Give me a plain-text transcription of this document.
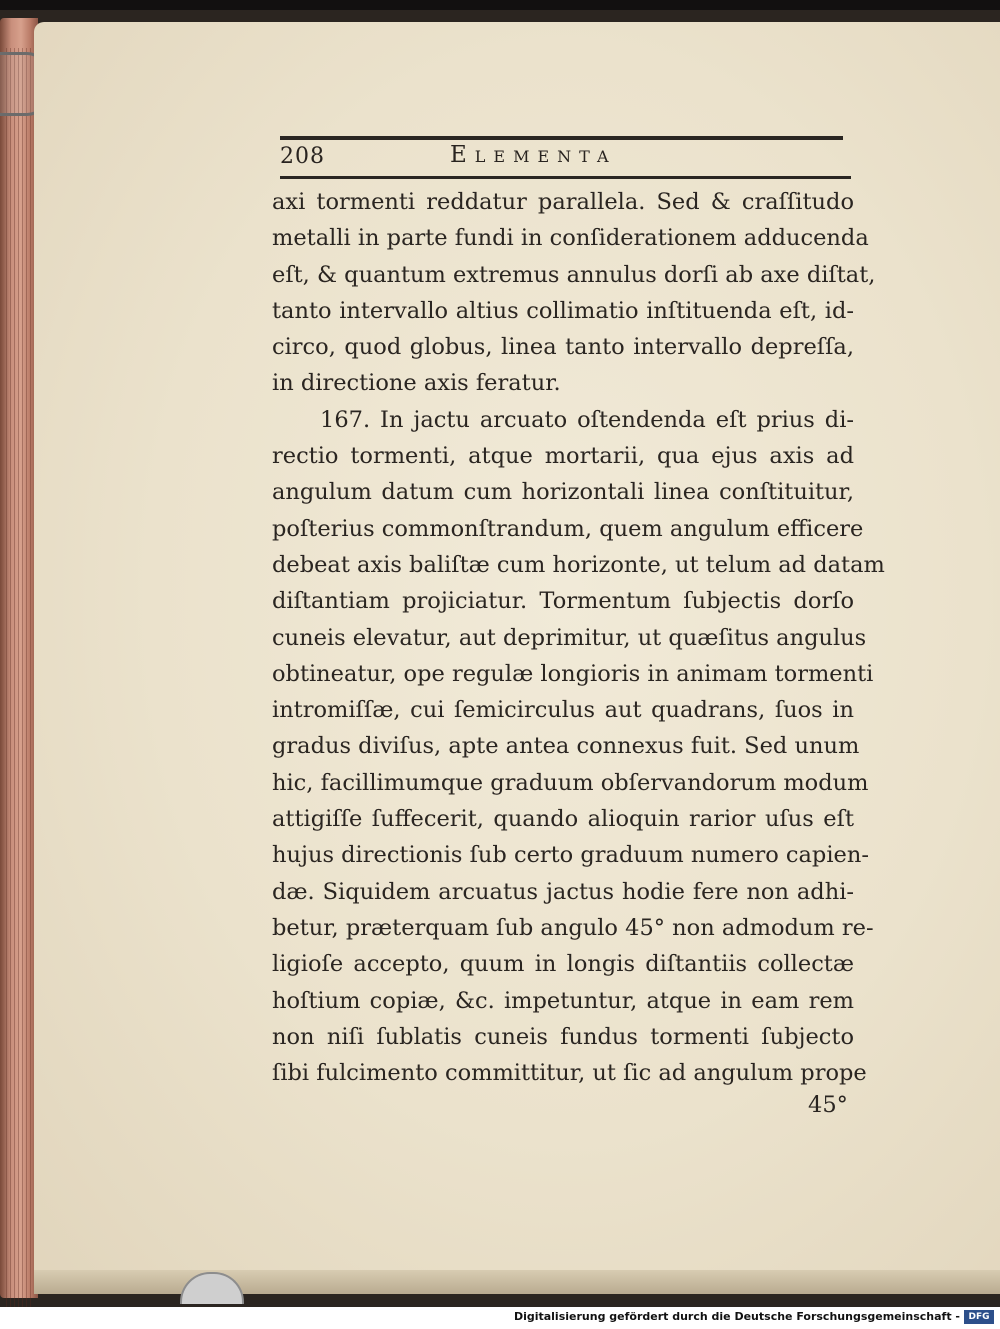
208	Elementa
axi tormenti reddatur parallela. Sed & craſſitudo
metalli in parte fundi in conſiderationem adducenda
eſt, & quantum extremus annulus dorſi ab axe diſtat,
tanto intervallo altius collimatio inſtituenda eſt, id-
circo, quod globus, linea tanto intervallo depreſſa,
in directione axis feratur.
167. In jactu arcuato oſtendenda eſt prius di-
rectio tormenti, atque mortarii, qua ejus axis ad
angulum datum cum horizontali linea conſtituitur,
poſterius commonſtrandum, quem angulum efficere
debeat axis baliſtæ cum horizonte, ut telum ad datam
diſtantiam projiciatur. Tormentum ſubjectis dorſo
cuneis elevatur, aut deprimitur, ut quæſitus angulus
obtineatur, ope regulæ longioris in animam tormenti
intromiſſæ, cui ſemicirculus aut quadrans, ſuos in
gradus diviſus, apte antea connexus fuit. Sed unum
hic, facillimumque graduum obſervandorum modum
attigiſſe ſuffecerit, quando alioquin rarior uſus eſt
hujus directionis ſub certo graduum numero capien-
dæ. Siquidem arcuatus jactus hodie fere non adhi-
betur, præterquam ſub angulo 45° non admodum re-
ligioſe accepto, quum in longis diſtantiis collectæ
hoſtium copiæ, &c. impetuntur, atque in eam rem
non niſi ſublatis cuneis fundus tormenti ſubjecto
ſibi fulcimento committitur, ut ſic ad angulum prope
45°
Digitalisierung gefördert durch die Deutsche Forschungsgemeinschaft - DFG
